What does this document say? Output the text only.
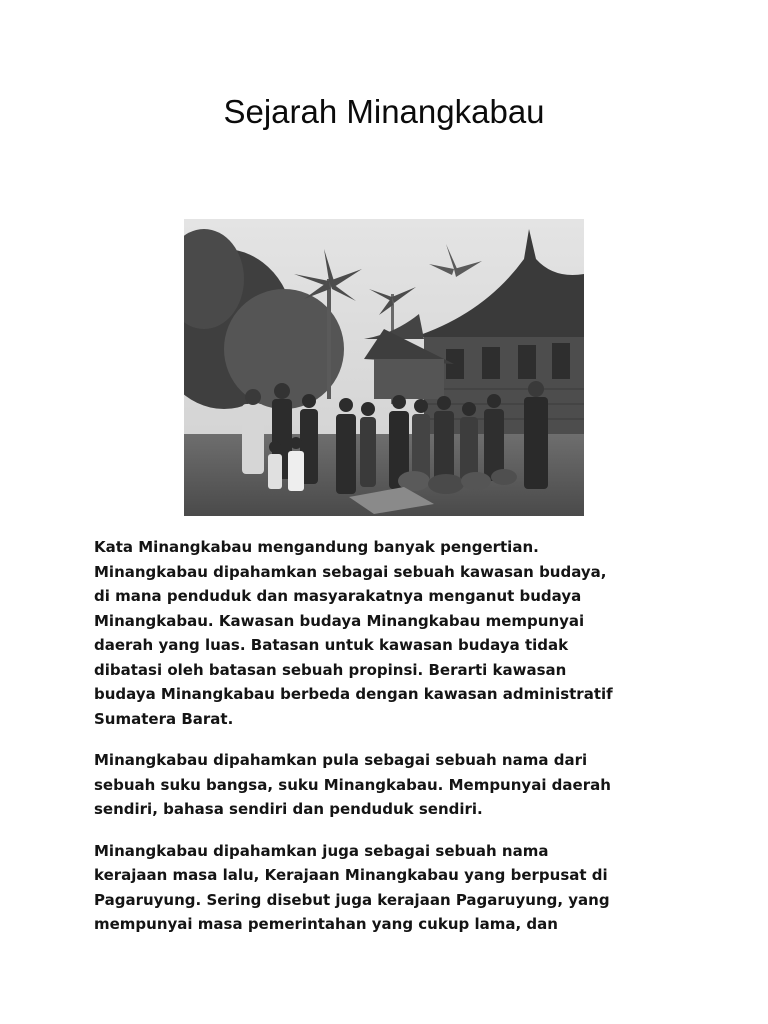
Sejarah Minangkabau

Kata Minangkabau mengandung banyak pengertian.
Minangkabau dipahamkan sebagai sebuah kawasan budaya,
di mana penduduk dan masyarakatnya menganut budaya
Minangkabau. Kawasan budaya Minangkabau mempunyai
daerah yang luas. Batasan untuk kawasan budaya tidak
dibatasi oleh batasan sebuah propinsi. Berarti kawasan
budaya Minangkabau berbeda dengan kawasan administratif
Sumatera Barat.

Minangkabau dipahamkan pula sebagai sebuah nama dari
sebuah suku bangsa, suku Minangkabau. Mempunyai daerah
sendiri, bahasa sendiri dan penduduk sendiri.

Minangkabau dipahamkan juga sebagai sebuah nama
kerajaan masa lalu, Kerajaan Minangkabau yang berpusat di
Pagaruyung. Sering disebut juga kerajaan Pagaruyung, yang
mempunyai masa pemerintahan yang cukup lama, dan
